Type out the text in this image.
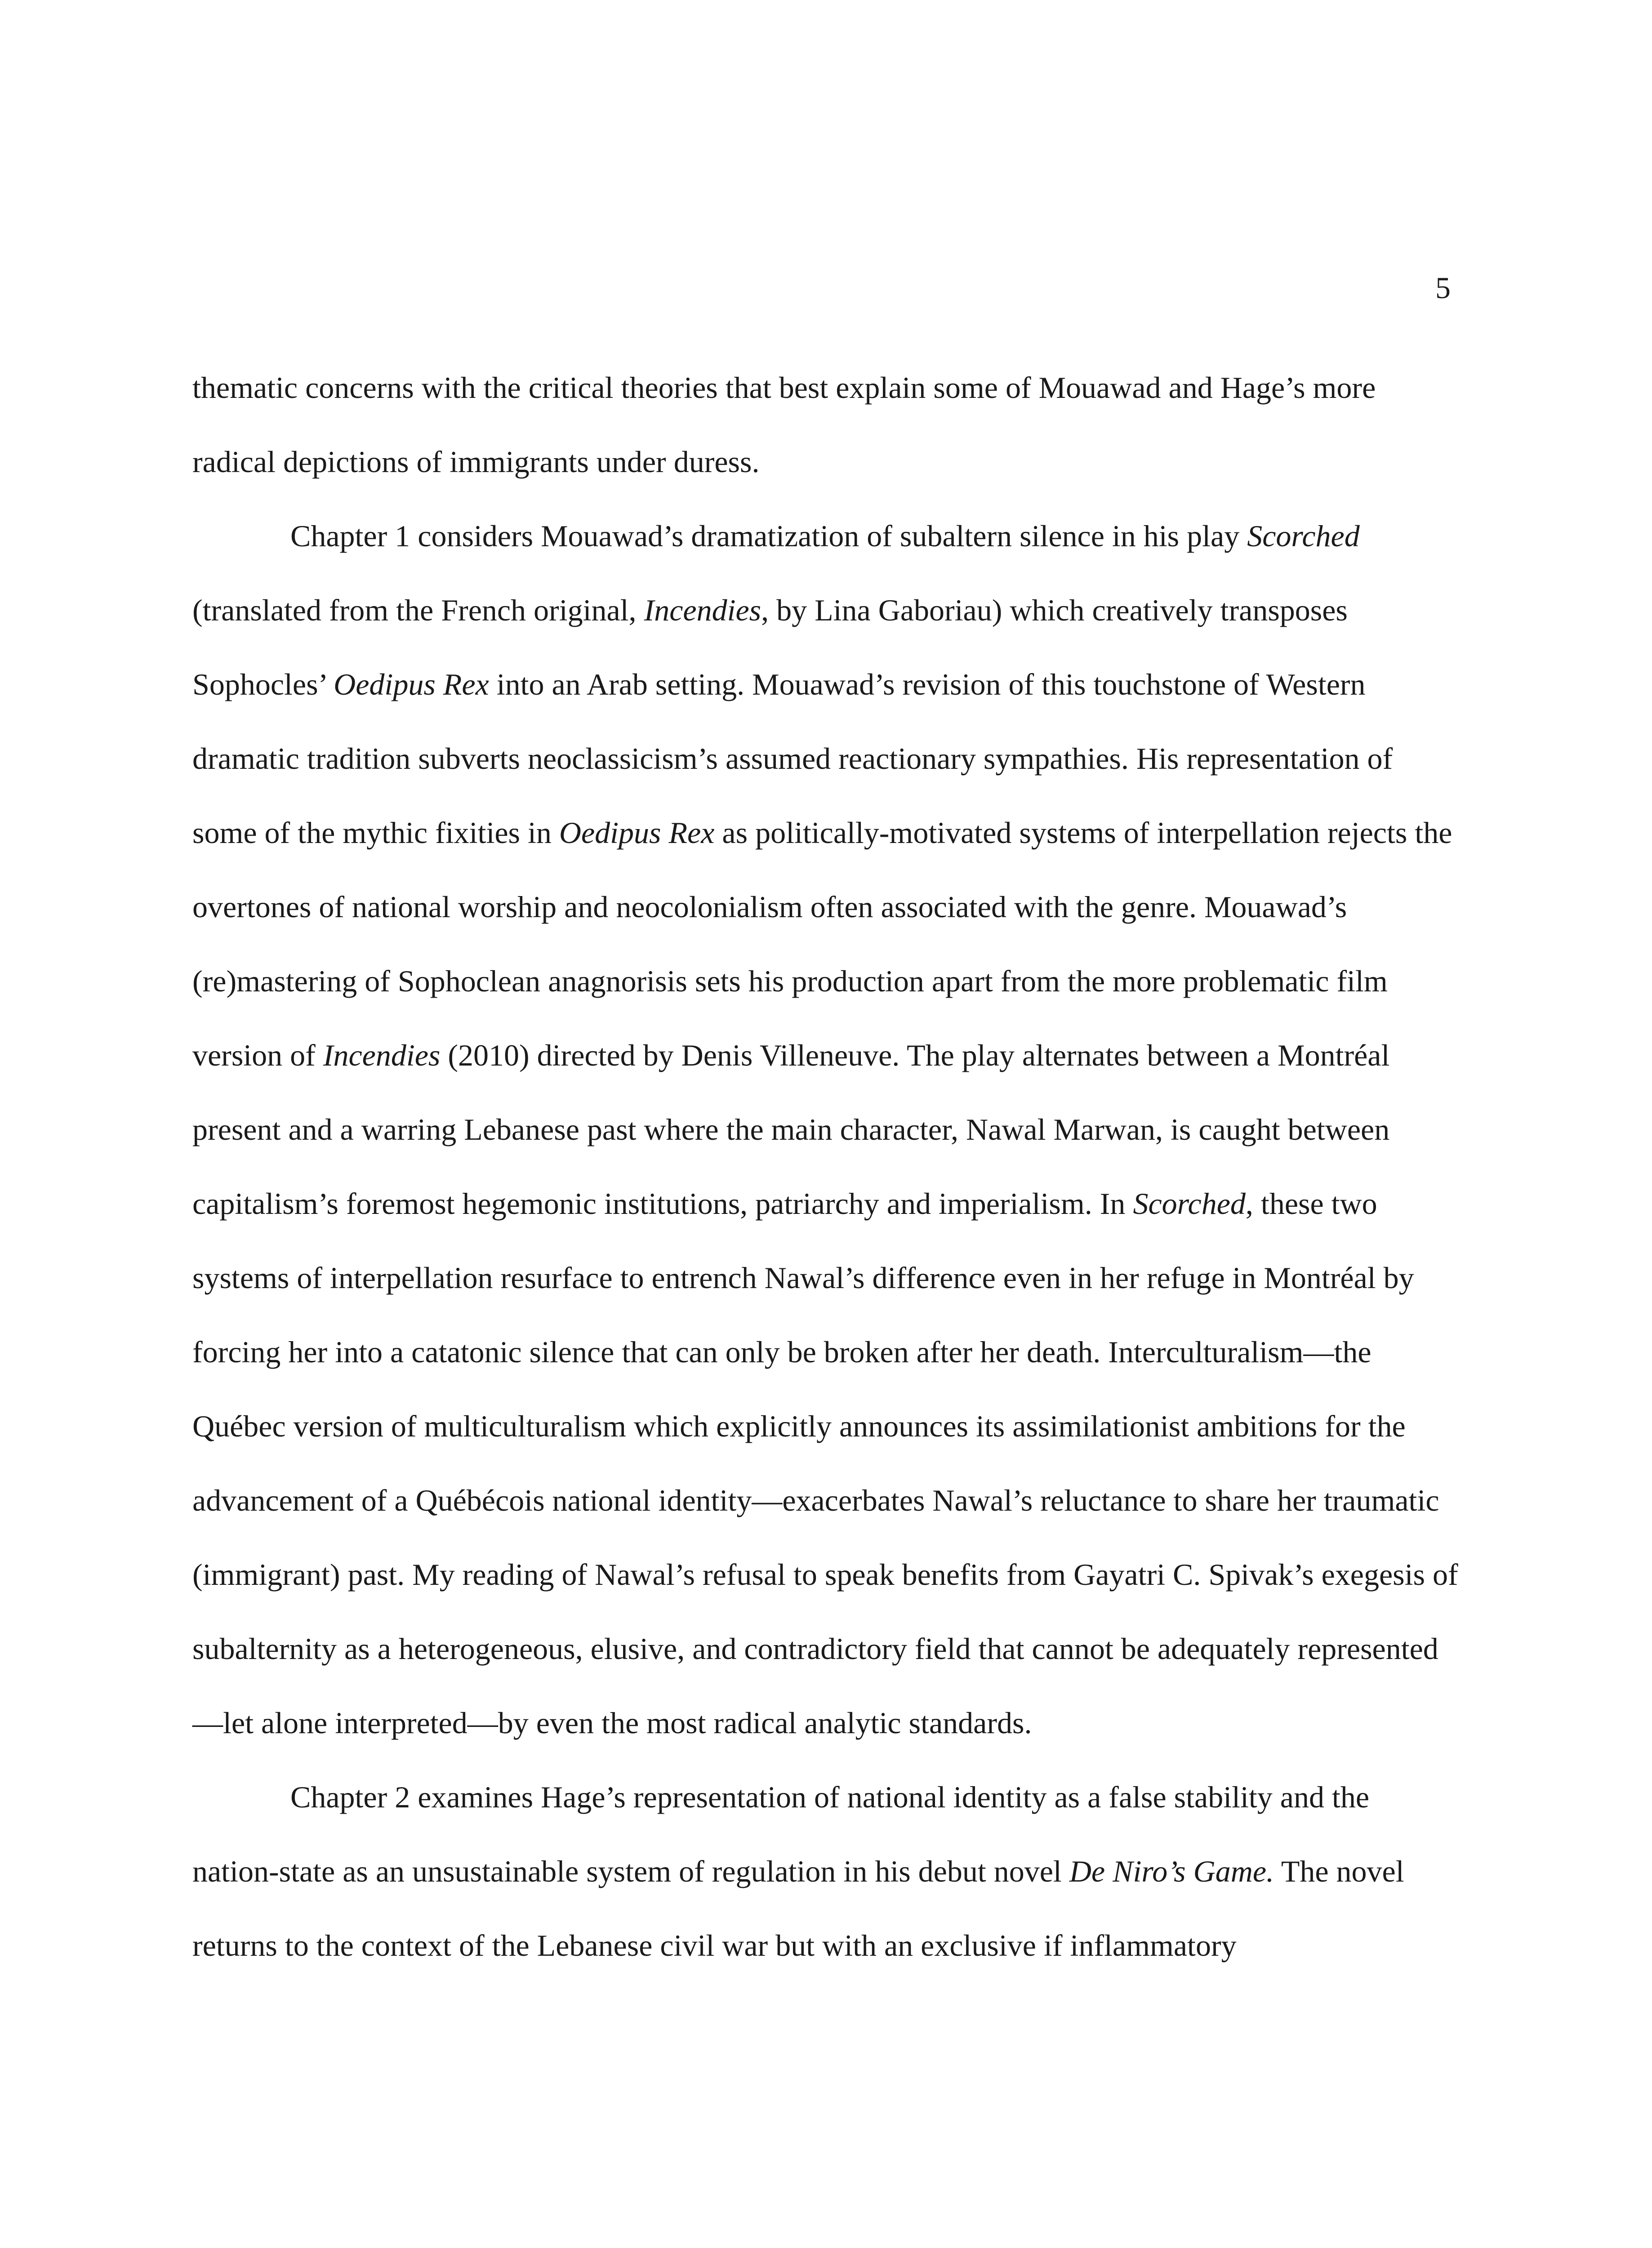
5

thematic concerns with the critical theories that best explain some of Mouawad and Hage’s more radical depictions of immigrants under duress.

Chapter 1 considers Mouawad’s dramatization of subaltern silence in his play Scorched (translated from the French original, Incendies, by Lina Gaboriau) which creatively transposes Sophocles’ Oedipus Rex into an Arab setting. Mouawad’s revision of this touchstone of Western dramatic tradition subverts neoclassicism’s assumed reactionary sympathies. His representation of some of the mythic fixities in Oedipus Rex as politically-motivated systems of interpellation rejects the overtones of national worship and neocolonialism often associated with the genre. Mouawad’s (re)mastering of Sophoclean anagnorisis sets his production apart from the more problematic film version of Incendies (2010) directed by Denis Villeneuve. The play alternates between a Montréal present and a warring Lebanese past where the main character, Nawal Marwan, is caught between capitalism’s foremost hegemonic institutions, patriarchy and imperialism. In Scorched, these two systems of interpellation resurface to entrench Nawal’s difference even in her refuge in Montréal by forcing her into a catatonic silence that can only be broken after her death. Interculturalism—the Québec version of multiculturalism which explicitly announces its assimilationist ambitions for the advancement of a Québécois national identity—exacerbates Nawal’s reluctance to share her traumatic (immigrant) past. My reading of Nawal’s refusal to speak benefits from Gayatri C. Spivak’s exegesis of subalternity as a heterogeneous, elusive, and contradictory field that cannot be adequately represented—let alone interpreted—by even the most radical analytic standards.

Chapter 2 examines Hage’s representation of national identity as a false stability and the nation-state as an unsustainable system of regulation in his debut novel De Niro’s Game. The novel returns to the context of the Lebanese civil war but with an exclusive if inflammatory
